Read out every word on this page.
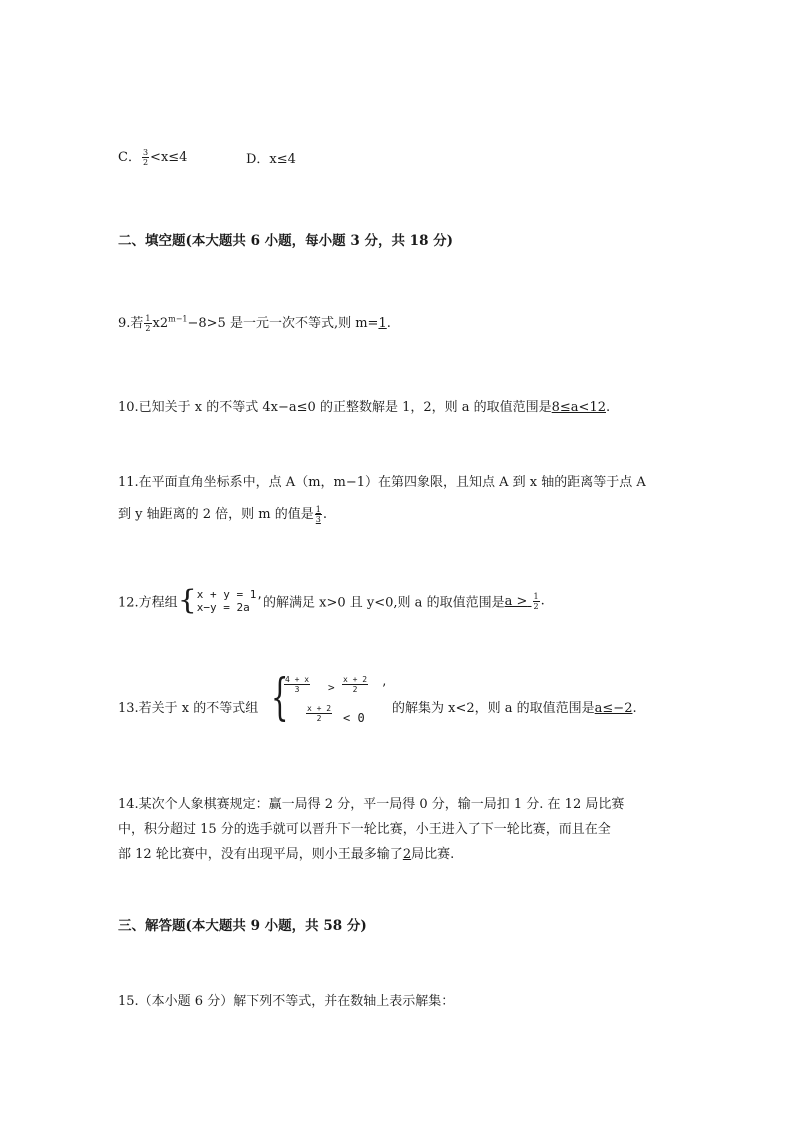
C． $\frac{3}{2} <x\le 4$	D．x≤4
二、填空题(本大题共 6 小题，每小题 3 分，共 18 分)
9.若 $\frac{1}{2} x2^{m-1}-8>5$ 是一元一次不等式,则 m=1.
10.已知关于 x 的不等式 4x−a≤0 的正整数解是 1，2，则 a 的取值范围是8≤a<12.
11.在平面直角坐标系中，点 A（m，m−1）在第四象限，且知点 A 到 x 轴的距离等于点 A
到 y 轴距离的 2 倍，则 m 的值是 $\frac{1}{3}$ .
12.方程组{ x + y = 1,
x−y = 2a	的解满足 x>0 且 y<0,则 a 的取值范围是$a > \frac{1}{2}$ .
13.若关于 x 的不等式组 {
$\frac{4 + x}{3} > \frac{x + 2}{2}$
$\frac{x + 2}{2} < 0$
’
的解集为 x<2，则 a 的取值范围是a≤−2.
14.某次个人象棋赛规定：赢一局得 2 分，平一局得 0 分，输一局扣 1 分. 在 12 局比赛
中，积分超过 15 分的选手就可以晋升下一轮比赛，小王进入了下一轮比赛，而且在全
部 12 轮比赛中，没有出现平局，则小王最多输了2局比赛.
三、解答题(本大题共 9 小题，共 58 分)
15.（本小题 6 分）解下列不等式，并在数轴上表示解集：
